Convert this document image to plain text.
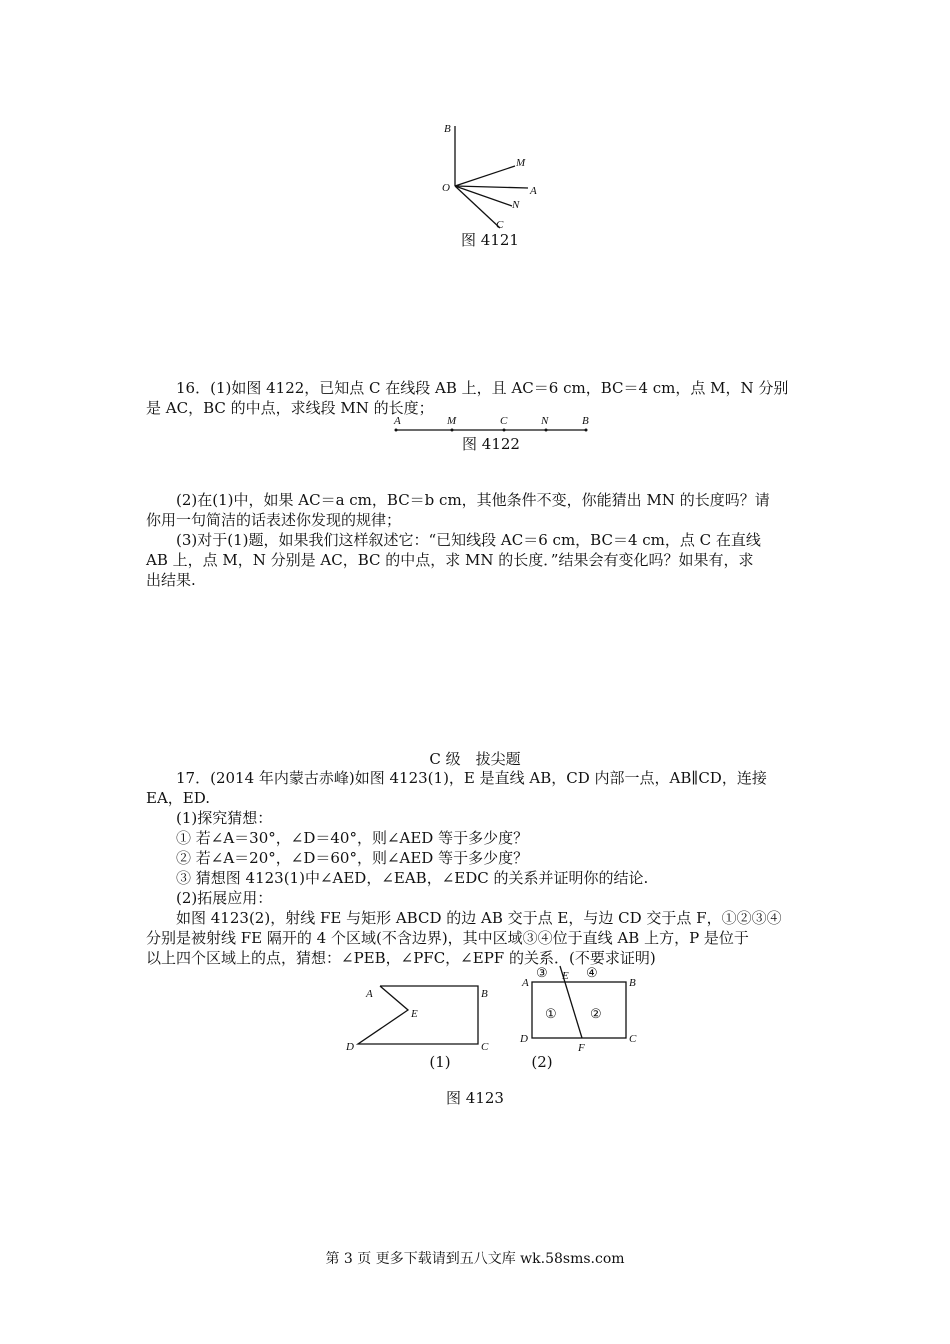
B
M
O	A
N
C
图 4121

16．(1)如图 4122，已知点 C 在线段 AB 上，且 AC＝6 cm，BC＝4 cm，点 M，N 分别

是 AC，BC 的中点，求线段 MN 的长度；

A	M	C	N	B
图 4122

(2)在(1)中，如果 AC＝a cm，BC＝b cm，其他条件不变，你能猜出 MN 的长度吗？请

你用一句简洁的话表述你发现的规律；

(3)对于(1)题，如果我们这样叙述它：“已知线段 AC＝6 cm，BC＝4 cm，点 C 在直线

AB 上，点 M，N 分别是 AC，BC 的中点，求 MN 的长度．”结果会有变化吗？如果有，求

出结果.

C 级　拔尖题

17．(2014 年内蒙古赤峰)如图 4123(1)，E 是直线 AB，CD 内部一点，AB∥CD，连接

EA，ED.

(1)探究猜想：

① 若∠A＝30°，∠D＝40°，则∠AED 等于多少度？

② 若∠A＝20°，∠D＝60°，则∠AED 等于多少度？

③ 猜想图 4123(1)中∠AED，∠EAB，∠EDC 的关系并证明你的结论.

(2)拓展应用：

如图 4123(2)，射线 FE 与矩形 ABCD 的边 AB 交于点 E，与边 CD 交于点 F，①②③④

分别是被射线 FE 隔开的 4 个区域(不含边界)，其中区域③④位于直线 AB 上方，P 是位于

以上四个区域上的点，猜想：∠PEB，∠PFC，∠EPF 的关系．(不要求证明)

A	B
E
D	C
(1)
A	B
C
D
E
F
①	②
③	④
(2)
图 4123
第 3 页 更多下载请到五八文库 wk.58sms.com
